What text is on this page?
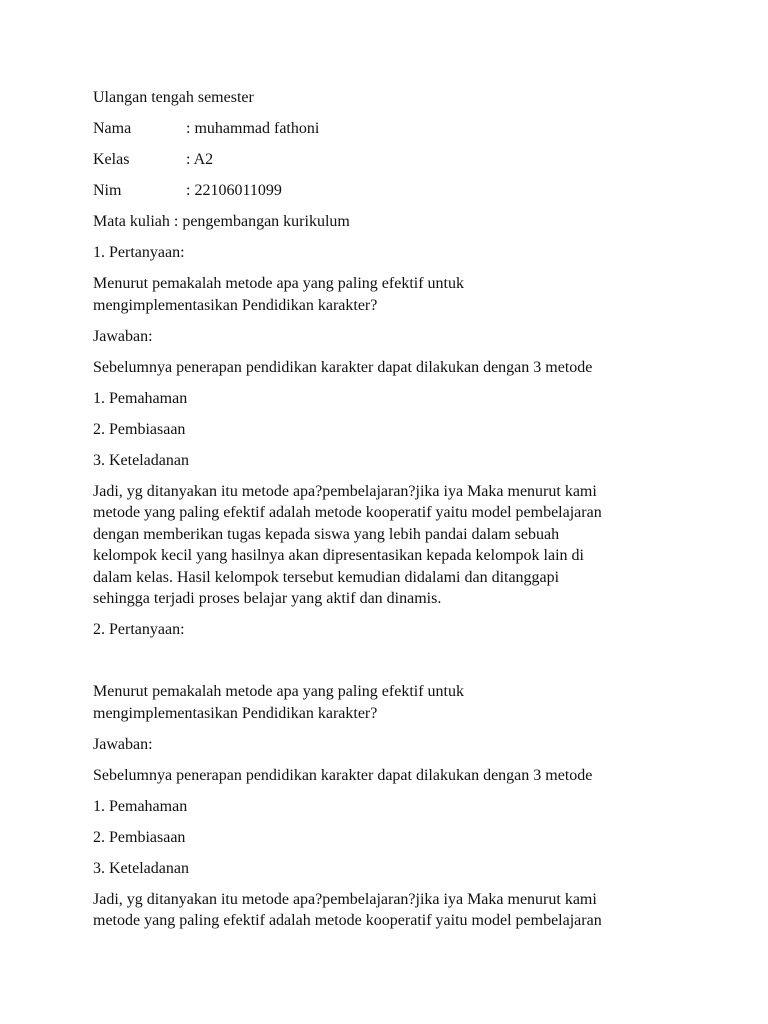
Ulangan tengah semester

Nama	: muhammad fathoni
Kelas	: A2
Nim	: 22106011099
Mata kuliah : pengembangan kurikulum

1. Pertanyaan:

Menurut pemakalah metode apa yang paling efektif untuk
mengimplementasikan Pendidikan karakter?

Jawaban:

Sebelumnya penerapan pendidikan karakter dapat dilakukan dengan 3 metode

1. Pemahaman

2. Pembiasaan

3. Keteladanan

Jadi, yg ditanyakan itu metode apa?pembelajaran?jika iya Maka menurut kami
metode yang paling efektif adalah metode kooperatif yaitu model pembelajaran
dengan memberikan tugas kepada siswa yang lebih pandai dalam sebuah
kelompok kecil yang hasilnya akan dipresentasikan kepada kelompok lain di
dalam kelas. Hasil kelompok tersebut kemudian didalami dan ditanggapi
sehingga terjadi proses belajar yang aktif dan dinamis.

2. Pertanyaan:

Menurut pemakalah metode apa yang paling efektif untuk
mengimplementasikan Pendidikan karakter?

Jawaban:

Sebelumnya penerapan pendidikan karakter dapat dilakukan dengan 3 metode

1. Pemahaman

2. Pembiasaan

3. Keteladanan

Jadi, yg ditanyakan itu metode apa?pembelajaran?jika iya Maka menurut kami
metode yang paling efektif adalah metode kooperatif yaitu model pembelajaran
